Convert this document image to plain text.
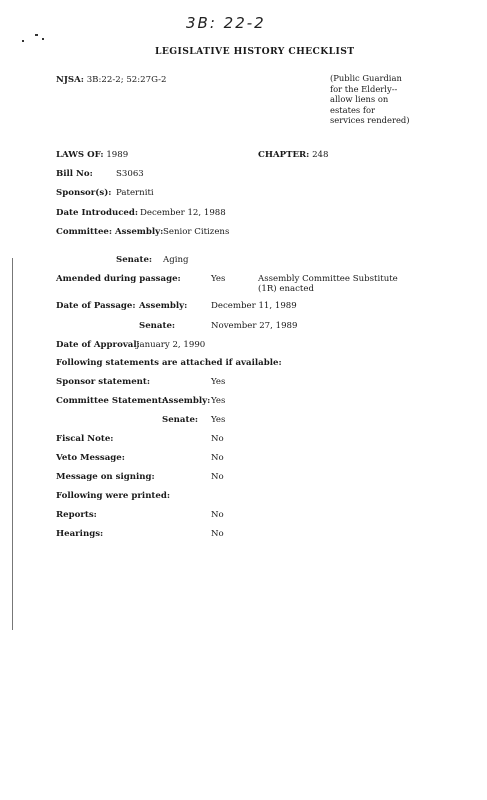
3B: 22-2
LEGISLATIVE HISTORY CHECKLIST
NJSA: 3B:22-2; 52:27G-2	(Public Guardian
for the Elderly--
allow liens on
estates for
services rendered)
LAWS OF: 1989	CHAPTER: 248
Bill No:	S3063
Sponsor(s): Paterniti
Date Introduced: December 12, 1988
Committee: Assembly: Senior Citizens
Senate: Aging
Amended during passage:	Yes	Assembly Committee Substitute
(1R) enacted
Date of Passage: Assembly:	December 11, 1989
Senate:	November 27, 1989
Date of Approval:
January 2, 1990
Following statements are attached if available:
Sponsor statement:	Yes
Committee Statement:
Assembly: Yes
Senate: Yes
Fiscal Note:	No
Veto Message:	No
Message on signing:	No
Following were printed:
Reports:	No
Hearings:	No
